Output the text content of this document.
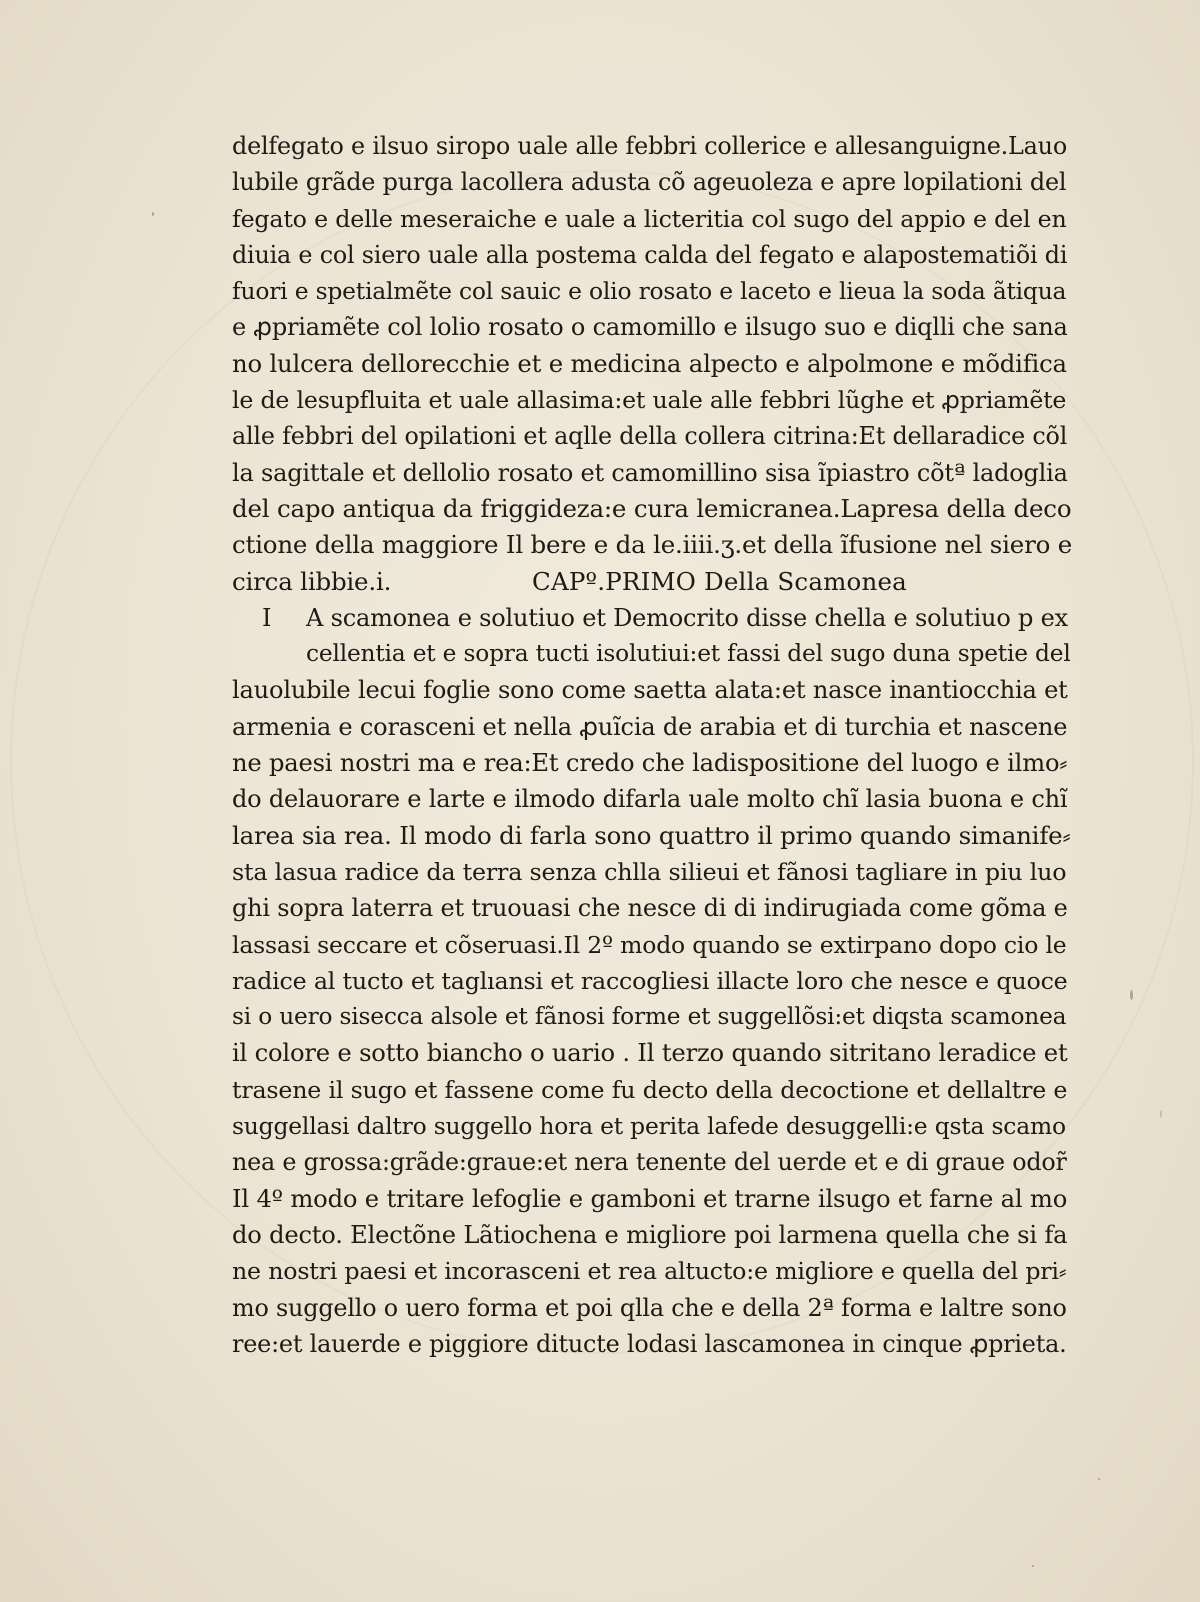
delfegato e ilsuo siropo uale alle febbri collerice e allesanguigne.Lauo
lubile grãde purga lacollera adusta cõ ageuoleza e apre lopilationi del
fegato e delle meseraiche e uale a licteritia col sugo del appio e del en
diuia e col siero uale alla postema calda del fegato e alapostematiõi di
fuori e spetialmẽte col sauic e olio rosato e laceto e lieua la soda ãtiqua
e ꝓpriamẽte col lolio rosato o camomillo e ilsugo suo e diqlli che sana
no lulcera dellorecchie et e medicina alpecto e alpolmone e mõdifica
le de lesupfluita et uale allasima:et uale alle febbri lũghe et ꝓpriamẽte
alle febbri del opilationi et aqlle della collera citrina:Et dellaradice cõl
la sagittale et dellolio rosato et camomillino sisa ĩpiastro cõtª ladoglia
del capo antiqua da friggideza:e cura lemicranea.Lapresa della deco
ctione della maggiore Il bere e da le.iiii.ʒ.et della ĩfusione nel siero e
circa libbie.i.	CAPº.PRIMO Della Scamonea
I A scamonea e solutiuo et Democrito disse chella e solutiuo p ex
cellentia et e sopra tucti isolutiui:et fassi del sugo duna spetie del
lauolubile lecui foglie sono come saetta alata:et nasce inantiocchia et
armenia e corasceni et nella ꝓuĩcia de arabia et di turchia et nascene
ne paesi nostri ma e rea:Et credo che ladispositione del luogo e ilmo⸗
do delauorare e larte e ilmodo difarla uale molto chĩ lasia buona e chĩ
larea sia rea. Il modo di farla sono quattro il primo quando simanife⸗
sta lasua radice da terra senza chlla silieui et fãnosi tagliare in piu luo
ghi sopra laterra et truouasi che nesce di di indirugiada come gõma e
lassasi seccare et cõseruasi.Il 2º modo quando se extirpano dopo cio le
radice al tucto et taglıansi et raccogliesi illacte loro che nesce e quoce
si o uero sisecca alsole et fãnosi forme et suggellõsi:et diqsta scamonea
il colore e sotto biancho o uario . Il terzo quando sitritano leradice et
trasene il sugo et fassene come fu decto della decoctione et dellaltre e
suggellasi daltro suggello hora et perita lafede desuggelli:e qsta scamo
nea e grossa:grãde:graue:et nera tenente del uerde et e di graue odor̃
Il 4º modo e tritare lefoglie e gamboni et trarne ilsugo et farne al mo
do decto. Electõne Lãtiochena e migliore poi larmena quella che si fa
ne nostri paesi et incorasceni et rea altucto:e migliore e quella del pri⸗
mo suggello o uero forma et poi qlla che e della 2ª forma e laltre sono
ree:et lauerde e piggiore ditucte lodasi lascamonea in cinque ꝓprieta.
